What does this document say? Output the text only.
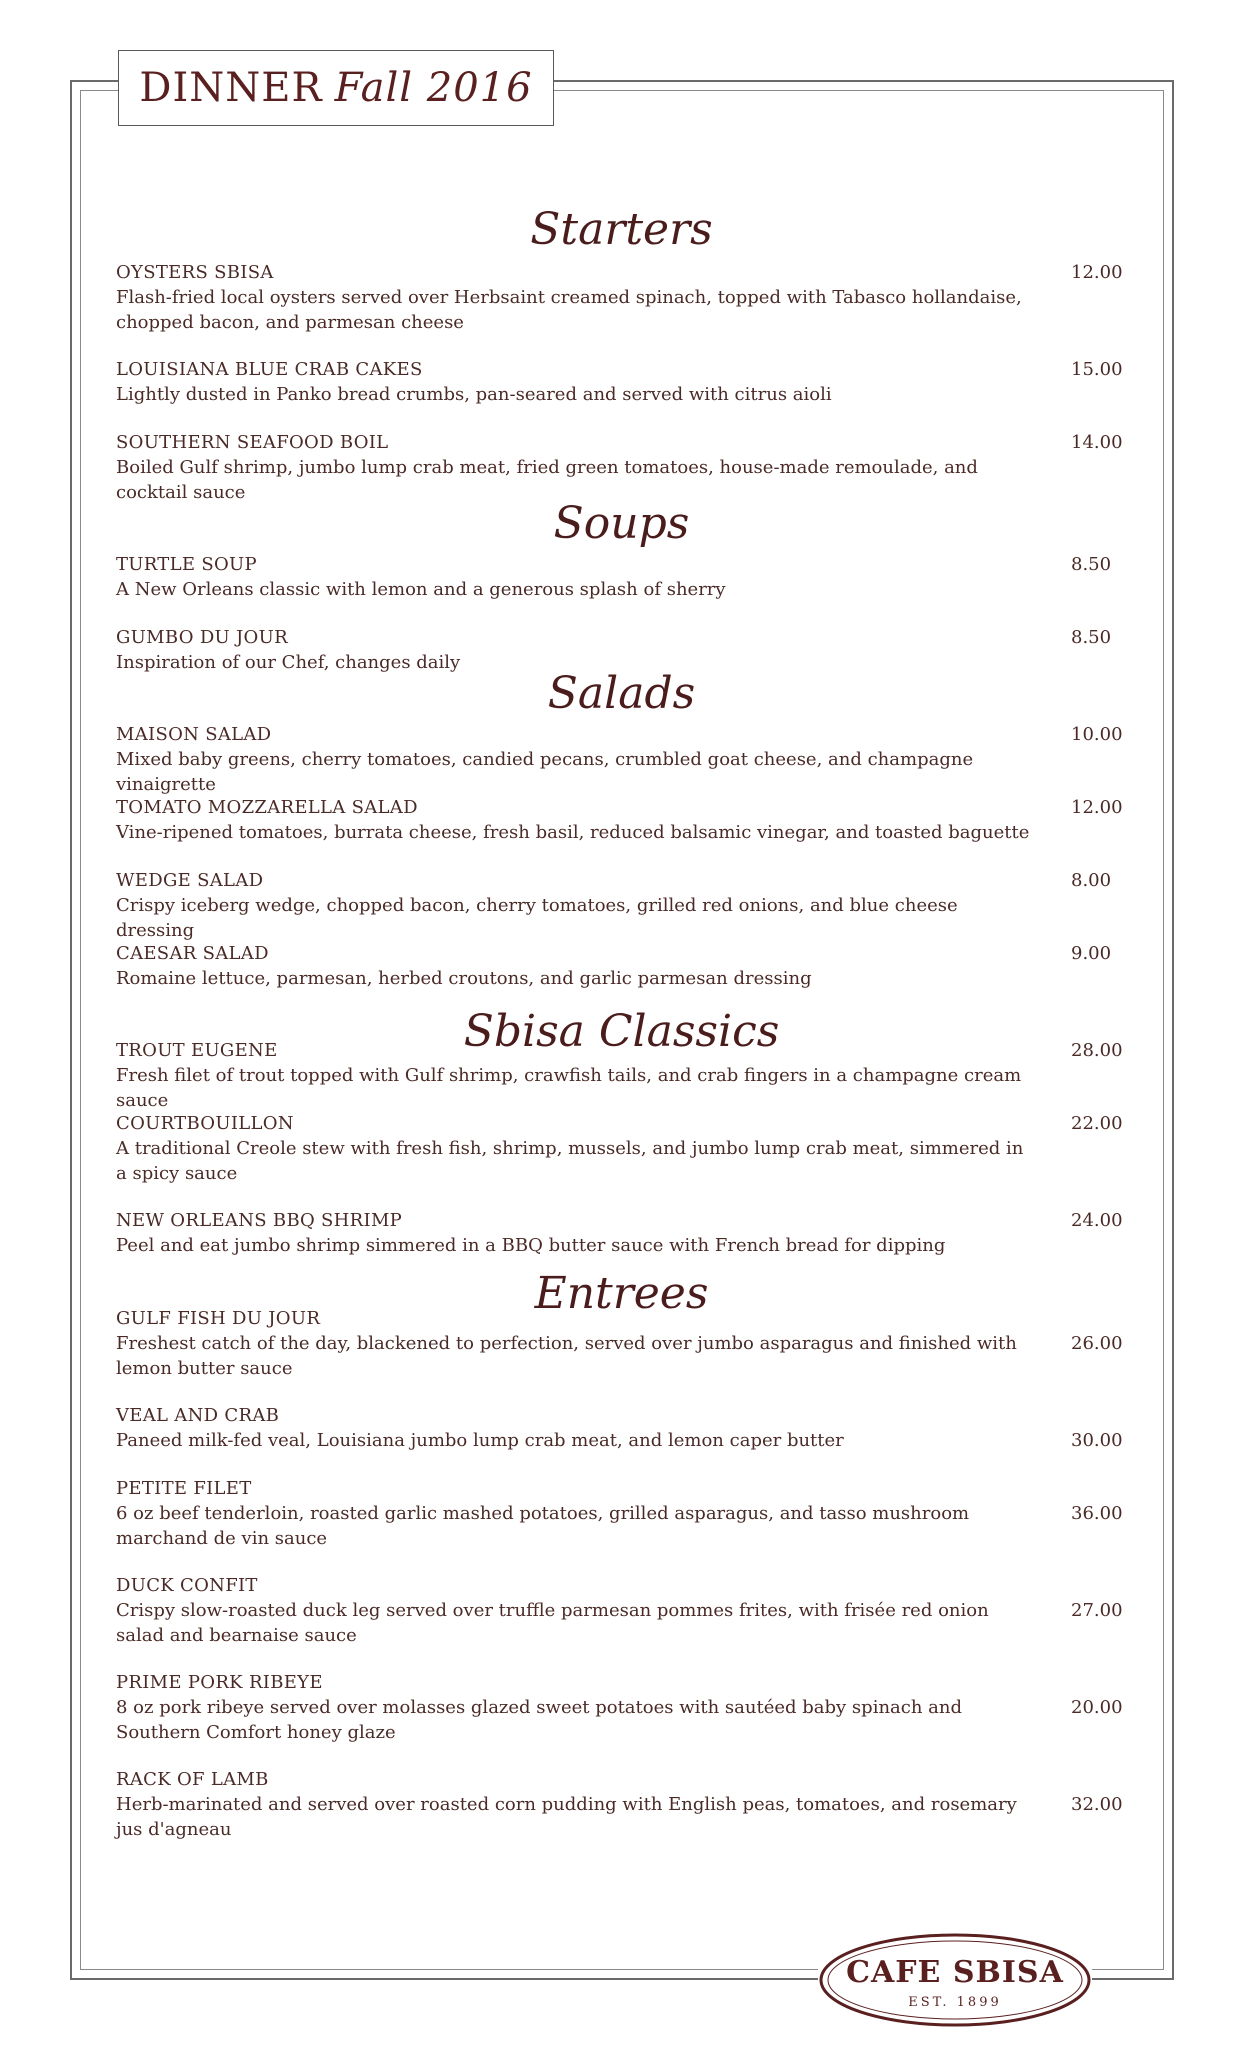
DINNER Fall 2016
Starters
OYSTERS SBISA
Flash-fried local oysters served over Herbsaint creamed spinach, topped with Tabasco hollandaise, chopped bacon, and parmesan cheese
12.00
LOUISIANA BLUE CRAB CAKES
Lightly dusted in Panko bread crumbs, pan-seared and served with citrus aioli
15.00
SOUTHERN SEAFOOD BOIL
Boiled Gulf shrimp, jumbo lump crab meat, fried green tomatoes, house-made remoulade, and cocktail sauce
14.00
Soups
TURTLE SOUP
A New Orleans classic with lemon and a generous splash of sherry
8.50
GUMBO DU JOUR
Inspiration of our Chef, changes daily
8.50
Salads
MAISON SALAD
Mixed baby greens, cherry tomatoes, candied pecans, crumbled goat cheese, and champagne vinaigrette
10.00
TOMATO MOZZARELLA SALAD
Vine-ripened tomatoes, burrata cheese, fresh basil, reduced balsamic vinegar, and toasted baguette
12.00
WEDGE SALAD
Crispy iceberg wedge, chopped bacon, cherry tomatoes, grilled red onions, and blue cheese dressing
8.00
CAESAR SALAD
Romaine lettuce, parmesan, herbed croutons, and garlic parmesan dressing
9.00
Sbisa Classics
TROUT EUGENE
Fresh filet of trout topped with Gulf shrimp, crawfish tails, and crab fingers in a champagne cream sauce
28.00
COURTBOUILLON
A traditional Creole stew with fresh fish, shrimp, mussels, and jumbo lump crab meat, simmered in a spicy sauce
22.00
NEW ORLEANS BBQ SHRIMP
Peel and eat jumbo shrimp simmered in a BBQ butter sauce with French bread for dipping
24.00
Entrees
GULF FISH DU JOUR
Freshest catch of the day, blackened to perfection, served over jumbo asparagus and finished with lemon butter sauce
26.00
VEAL AND CRAB
Paneed milk-fed veal, Louisiana jumbo lump crab meat, and lemon caper butter	30.00
PETITE FILET
6 oz beef tenderloin, roasted garlic mashed potatoes, grilled asparagus, and tasso mushroom marchand de vin sauce
36.00
DUCK CONFIT
Crispy slow-roasted duck leg served over truffle parmesan pommes frites, with frisée red onion salad and bearnaise sauce
27.00
PRIME PORK RIBEYE
8 oz pork ribeye served over molasses glazed sweet potatoes with sautéed baby spinach and Southern Comfort honey glaze
20.00
RACK OF LAMB
Herb-marinated and served over roasted corn pudding with English peas, tomatoes, and rosemary jus d'agneau
32.00
CAFE SBISA
EST. 1899
